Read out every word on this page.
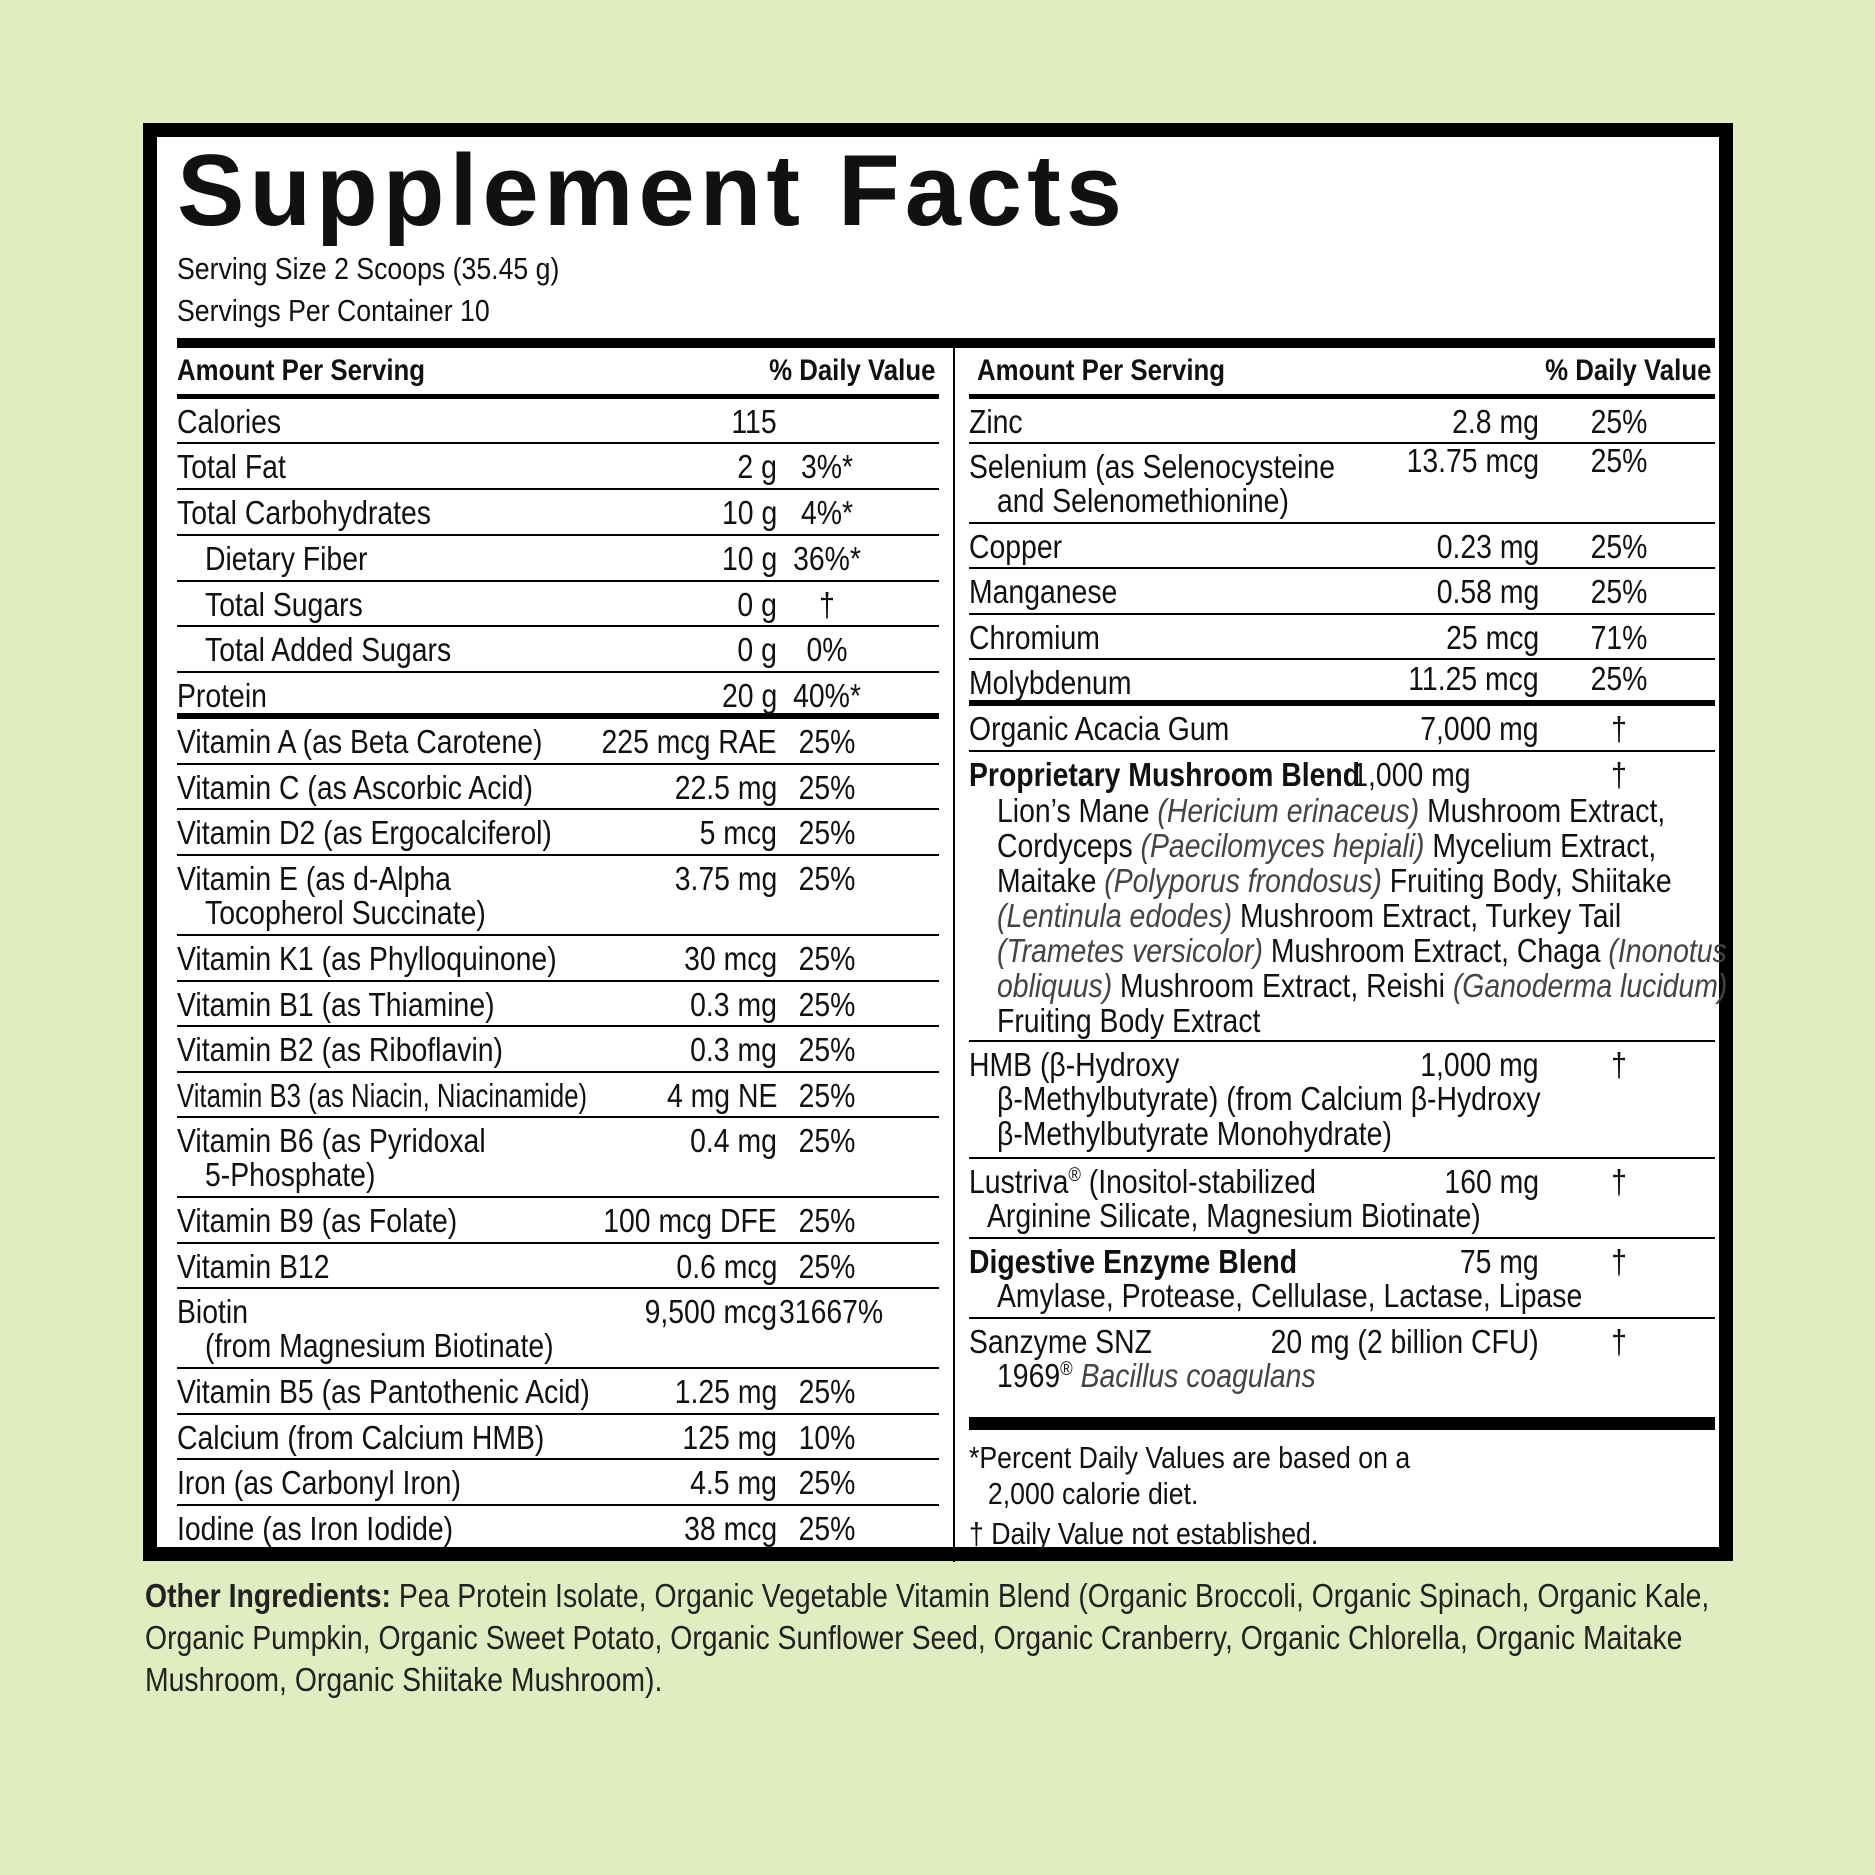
Supplement Facts
Serving Size 2 Scoops (35.45 g)
Servings Per Container 10
Amount Per Serving	% Daily Value
Calories	115
Total Fat	2 g 3%*
Total Carbohydrates	10 g 4%*
Dietary Fiber	10 g 36%*
Total Sugars	0 g	†
Total Added Sugars	0 g 0%
Protein	20 g 40%*
Vitamin A (as Beta Carotene) 225 mcg RAE 25%
Vitamin C (as Ascorbic Acid)	22.5 mg 25%
Vitamin D2 (as Ergocalciferol)	5 mcg 25%
Vitamin E (as d-Alpha
Tocopherol Succinate)
3.75 mg 25%
Vitamin K1 (as Phylloquinone)	30 mcg 25%
Vitamin B1 (as Thiamine)	0.3 mg 25%
Vitamin B2 (as Riboflavin)	0.3 mg 25%
Vitamin B3 (as Niacin, Niacinamide) 4 mg NE 25%
Vitamin B6 (as Pyridoxal
5-Phosphate)
0.4 mg 25%
Vitamin B9 (as Folate)	100 mcg DFE 25%
Vitamin B12	0.6 mcg 25%
Biotin
(from Magnesium Biotinate)
9,500 mcg 31667%
Vitamin B5 (as Pantothenic Acid)	1.25 mg 25%
Calcium (from Calcium HMB)	125 mg 10%
Iron (as Carbonyl Iron)	4.5 mg 25%
Iodine (as Iron Iodide)	38 mcg 25%
Amount Per Serving	% Daily Value
Zinc	2.8 mg	25%
Selenium (as Selenocysteine
and Selenomethionine)
13.75 mcg	25%
Copper	0.23 mg	25%
Manganese	0.58 mg	25%
Chromium	25 mcg	71%
Molybdenum	11.25 mcg	25%
Organic Acacia Gum	7,000 mg	†
Proprietary Mushroom Blend
1,000 mg	†
Lion’s Mane (Hericium erinaceus) Mushroom Extract, Cordyceps (Paecilomyces hepiali) Mycelium Extract, Maitake (Polyporus frondosus) Fruiting Body, Shiitake (Lentinula edodes) Mushroom Extract, Turkey Tail (Trametes versicolor) Mushroom Extract, Chaga (Inonotus obliquus) Mushroom Extract, Reishi (Ganoderma lucidum) Fruiting Body Extract
HMB (β-Hydroxy
β-Methylbutyrate) (from Calcium β-Hydroxy
β-Methylbutyrate Monohydrate)
1,000 mg	†
Lustriva® (Inositol-stabilized
Arginine Silicate, Magnesium Biotinate)
160 mg	†
Digestive Enzyme Blend
Amylase, Protease, Cellulase, Lactase, Lipase
75 mg	†
Sanzyme SNZ
1969® Bacillus coagulans
20 mg (2 billion CFU)	†
*Percent Daily Values are based on a
2,000 calorie diet.
† Daily Value not established.
Other Ingredients: Pea Protein Isolate, Organic Vegetable Vitamin Blend (Organic Broccoli, Organic Spinach, Organic Kale, Organic Pumpkin, Organic Sweet Potato, Organic Sunflower Seed, Organic Cranberry, Organic Chlorella, Organic Maitake Mushroom, Organic Shiitake Mushroom).
